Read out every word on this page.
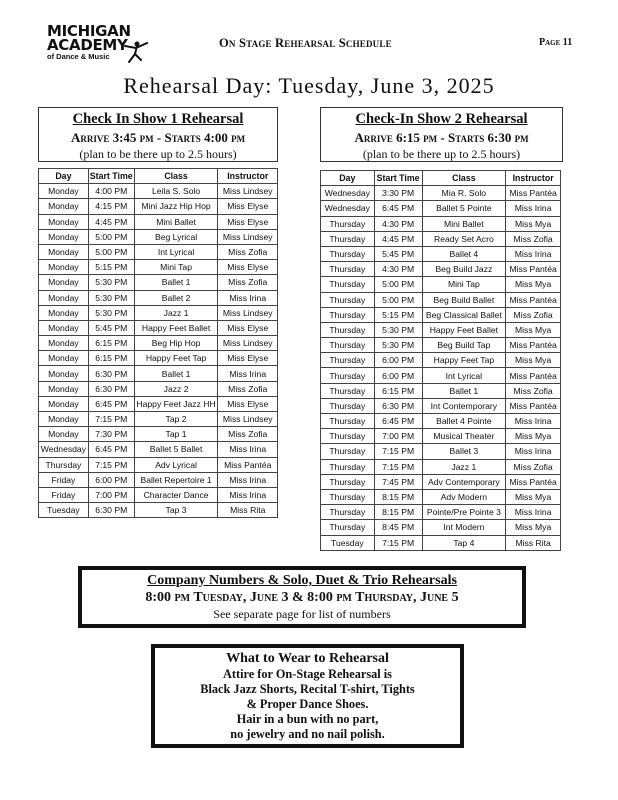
MICHIGAN
ACADEMY
of Dance & Music
On Stage Rehearsal Schedule	Page 11
Rehearsal Day: Tuesday, June 3, 2025
Check In Show 1 Rehearsal
Arrive 3:45 pm - Starts 4:00 pm
(plan to be there up to 2.5 hours)
Check-In Show 2 Rehearsal
Arrive 6:15 pm - Starts 6:30 pm
(plan to be there up to 2.5 hours)
Day	Start Time	Class	Instructor
Monday	4:00 PM	Leila S. Solo	Miss Lindsey
Monday	4:15 PM	Mini Jazz Hip Hop	Miss Elyse
Monday	4:45 PM	Mini Ballet	Miss Elyse
Monday	5:00 PM	Beg Lyrical	Miss Lindsey
Monday	5:00 PM	Int Lyrical	Miss Zofia
Monday	5:15 PM	Mini Tap	Miss Elyse
Monday	5:30 PM	Ballet 1	Miss Zofia
Monday	5:30 PM	Ballet 2	Miss Irina
Monday	5:30 PM	Jazz 1	Miss Lindsey
Monday	5:45 PM	Happy Feet Ballet	Miss Elyse
Monday	6:15 PM	Beg Hip Hop	Miss Lindsey
Monday	6:15 PM	Happy Feet Tap	Miss Elyse
Monday	6:30 PM	Ballet 1	Miss Irina
Monday	6:30 PM	Jazz 2	Miss Zofia
Monday	6:45 PM	Happy Feet Jazz HH	Miss Elyse
Monday	7:15 PM	Tap 2	Miss Lindsey
Monday	7:30 PM	Tap 1	Miss Zofia
Wednesday	6:45 PM	Ballet 5 Ballet	Miss Irina
Thursday	7:15 PM	Adv Lyrical	Miss Pantéa
Friday	6:00 PM	Ballet Repertoire 1	Miss Irina
Friday	7:00 PM	Character Dance	Miss Irina
Tuesday	6:30 PM	Tap 3	Miss Rita
Day	Start Time	Class	Instructor
Wednesday	3:30 PM	Mia R. Solo	Miss Pantéa
Wednesday	6:45 PM	Ballet 5 Pointe	Miss Irina
Thursday	4:30 PM	Mini Ballet	Miss Mya
Thursday	4:45 PM	Ready Set Acro	Miss Zofia
Thursday	5:45 PM	Ballet 4	Miss Irina
Thursday	4:30 PM	Beg Build Jazz	Miss Pantéa
Thursday	5:00 PM	Mini Tap	Miss Mya
Thursday	5:00 PM	Beg Build Ballet	Miss Pantéa
Thursday	5:15 PM	Beg Classical Ballet	Miss Zofia
Thursday	5:30 PM	Happy Feet Ballet	Miss Mya
Thursday	5:30 PM	Beg Build Tap	Miss Pantéa
Thursday	6:00 PM	Happy Feet Tap	Miss Mya
Thursday	6:00 PM	Int Lyrical	Miss Pantéa
Thursday	6:15 PM	Ballet 1	Miss Zofia
Thursday	6:30 PM	Int Contemporary	Miss Pantéa
Thursday	6:45 PM	Ballet 4 Pointe	Miss Irina
Thursday	7:00 PM	Musical Theater	Miss Mya
Thursday	7:15 PM	Ballet 3	Miss Irina
Thursday	7:15 PM	Jazz 1	Miss Zofia
Thursday	7:45 PM	Adv Contemporary	Miss Pantéa
Thursday	8:15 PM	Adv Modern	Miss Mya
Thursday	8:15 PM	Pointe/Pre Pointe 3	Miss Irina
Thursday	8:45 PM	Int Modern	Miss Mya
Tuesday	7:15 PM	Tap 4	Miss Rita
Company Numbers & Solo, Duet & Trio Rehearsals
8:00 pm Tuesday, June 3 & 8:00 pm Thursday, June 5
See separate page for list of numbers
What to Wear to Rehearsal
Attire for On-Stage Rehearsal is
Black Jazz Shorts, Recital T-shirt, Tights
& Proper Dance Shoes.
Hair in a bun with no part,
no jewelry and no nail polish.
